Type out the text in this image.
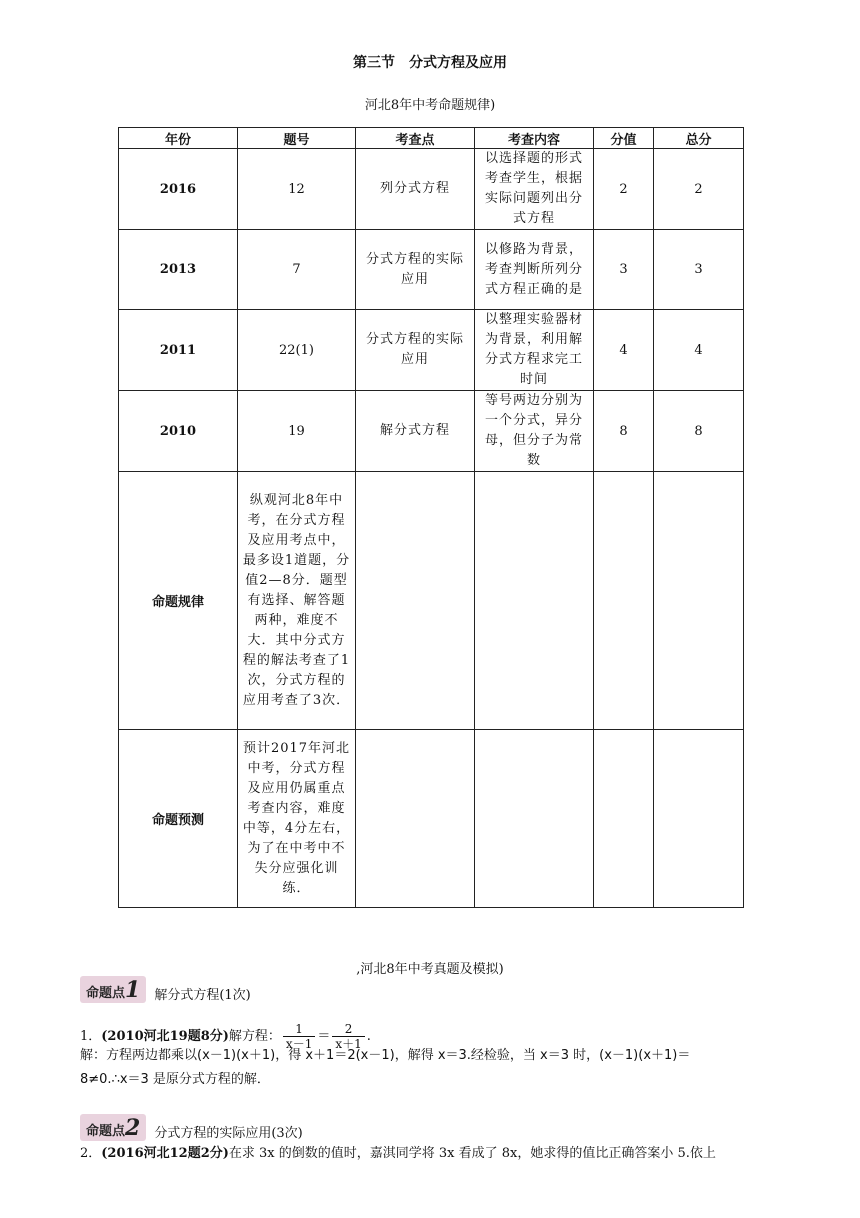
第三节　分式方程及应用
河北8年中考命题规律)
年份	题号	考查点	考查内容	分值	总分
2016	12	列分式方程	以选择题的形式考查学生，根据实际问题列出分式方程	2	2
2013	7	分式方程的实际应用	以修路为背景，考查判断所列分式方程正确的是	3	3
2011	22(1)	分式方程的实际应用	以整理实验器材为背景，利用解分式方程求完工时间	4	4
2010	19	解分式方程	等号两边分别为一个分式，异分母，但分子为常数	8	8
命题规律	纵观河北8年中考，在分式方程及应用考点中，最多设1道题，分值2—8分．题型有选择、解答题两种，难度不大．其中分式方程的解法考查了1次，分式方程的应用考查了3次．				
命题预测	预计2017年河北中考，分式方程及应用仍属重点考查内容，难度中等，4分左右，为了在中考中不失分应强化训练．				
,河北8年中考真题及模拟)
命题点1 解分式方程(1次)
1．(2010河北19题8分)解方程： $\frac{1}{x-1} = \frac{2}{x+1}$ .
解：方程两边都乘以(x－1)(x＋1)，得 x＋1＝2(x－1)，解得 x＝3.经检验，当 x＝3 时，(x－1)(x＋1)＝
8≠0.∴x＝3 是原分式方程的解．
命题点2 分式方程的实际应用(3次)
2．(2016河北12题2分)在求 3x 的倒数的值时，嘉淇同学将 3x 看成了 8x，她求得的值比正确答案小 5.依上
